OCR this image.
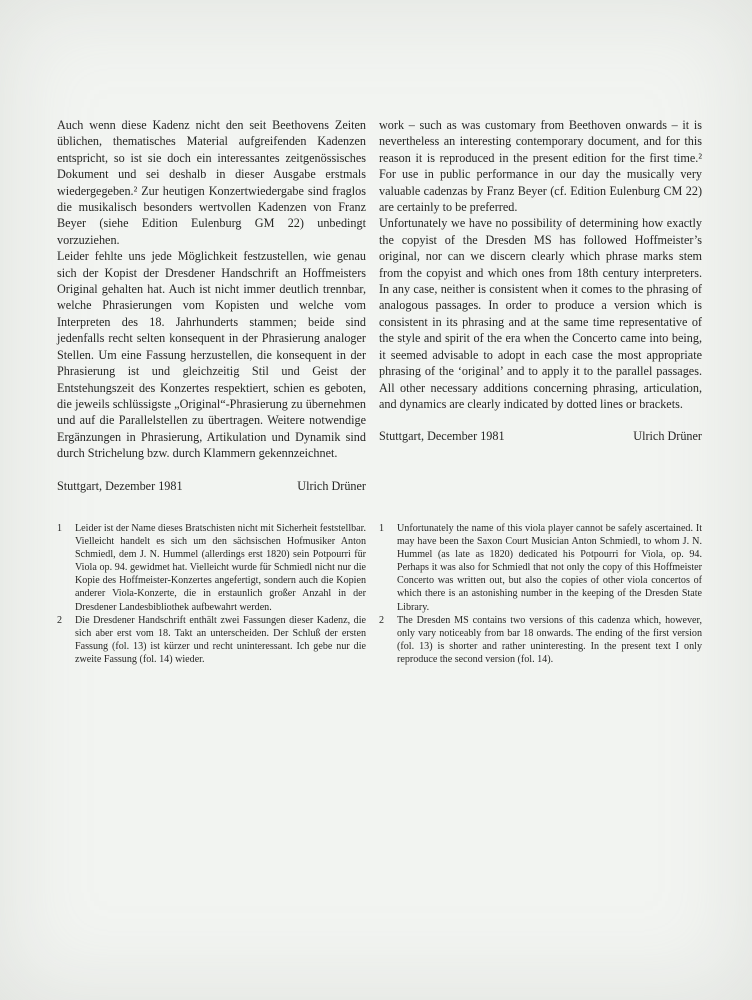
Auch wenn diese Kadenz nicht den seit Beethovens Zeiten üblichen, thematisches Material aufgreifenden Kadenzen entspricht, so ist sie doch ein interessantes zeitgenössisches Dokument und sei deshalb in dieser Ausgabe erstmals wiedergegeben.² Zur heutigen Konzertwiedergabe sind fraglos die musikalisch besonders wertvollen Kadenzen von Franz Beyer (siehe Edition Eulenburg GM 22) unbedingt vorzuziehen.

Leider fehlte uns jede Möglichkeit festzustellen, wie genau sich der Kopist der Dresdener Handschrift an Hoffmeisters Original gehalten hat. Auch ist nicht immer deutlich trennbar, welche Phrasierungen vom Kopisten und welche vom Interpreten des 18. Jahrhunderts stammen; beide sind jedenfalls recht selten konsequent in der Phrasierung analoger Stellen. Um eine Fassung herzustellen, die konsequent in der Phrasierung ist und gleichzeitig Stil und Geist der Entstehungszeit des Konzertes respektiert, schien es geboten, die jeweils schlüssigste „Original“-Phrasierung zu übernehmen und auf die Parallelstellen zu übertragen. Weitere notwendige Ergänzungen in Phrasierung, Artikulation und Dynamik sind durch Strichelung bzw. durch Klammern gekennzeichnet.

Stuttgart, Dezember 1981	Ulrich Drüner

work – such as was customary from Beethoven onwards – it is nevertheless an interesting contemporary document, and for this reason it is reproduced in the present edition for the first time.² For use in public performance in our day the musically very valuable cadenzas by Franz Beyer (cf. Edition Eulenburg CM 22) are certainly to be preferred.

Unfortunately we have no possibility of determining how exactly the copyist of the Dresden MS has followed Hoffmeister’s original, nor can we discern clearly which phrase marks stem from the copyist and which ones from 18th century interpreters. In any case, neither is consistent when it comes to the phrasing of analogous passages. In order to produce a version which is consistent in its phrasing and at the same time representative of the style and spirit of the era when the Concerto came into being, it seemed advisable to adopt in each case the most appropriate phrasing of the ‘original’ and to apply it to the parallel passages. All other necessary additions concerning phrasing, articulation, and dynamics are clearly indicated by dotted lines or brackets.

Stuttgart, December 1981	Ulrich Drüner
1	Leider ist der Name dieses Bratschisten nicht mit Sicherheit feststellbar. Vielleicht handelt es sich um den sächsischen Hofmusiker Anton Schmiedl, dem J. N. Hummel (allerdings erst 1820) sein Potpourri für Viola op. 94. gewidmet hat. Vielleicht wurde für Schmiedl nicht nur die Kopie des Hoffmeister-Konzertes angefertigt, sondern auch die Kopien anderer Viola-Konzerte, die in erstaunlich großer Anzahl in der Dresdener Landesbibliothek aufbewahrt werden.
2	Die Dresdener Handschrift enthält zwei Fassungen dieser Kadenz, die sich aber erst vom 18. Takt an unterscheiden. Der Schluß der ersten Fassung (fol. 13) ist kürzer und recht uninteressant. Ich gebe nur die zweite Fassung (fol. 14) wieder.
1	Unfortunately the name of this viola player cannot be safely ascertained. It may have been the Saxon Court Musician Anton Schmiedl, to whom J. N. Hummel (as late as 1820) dedicated his Potpourri for Viola, op. 94. Perhaps it was also for Schmiedl that not only the copy of this Hoffmeister Concerto was written out, but also the copies of other viola concertos of which there is an astonishing number in the keeping of the Dresden State Library.
2	The Dresden MS contains two versions of this cadenza which, however, only vary noticeably from bar 18 onwards. The ending of the first version (fol. 13) is shorter and rather uninteresting. In the present text I only reproduce the second version (fol. 14).
